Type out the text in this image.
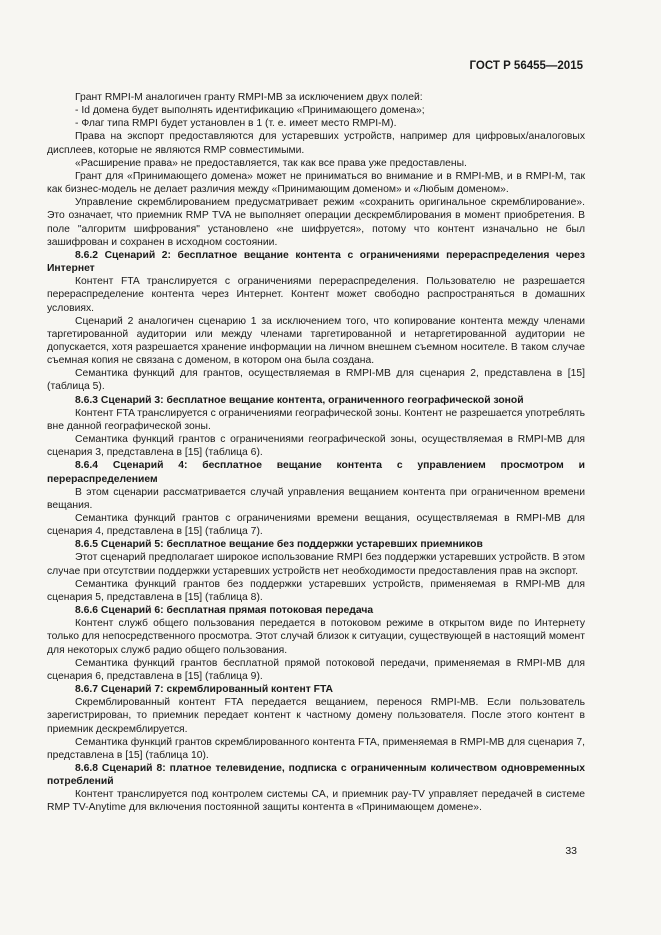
ГОСТ Р 56455—2015

Грант RMPI-M аналогичен гранту RMPI-MB за исключением двух полей:

- Id домена будет выполнять идентификацию «Принимающего домена»;

- Флаг типа RMPI будет установлен в 1 (т. е. имеет место RMPI-M).

Права на экспорт предоставляются для устаревших устройств, например для цифровых/аналоговых дисплеев, которые не являются RMP совместимыми.

«Расширение права» не предоставляется, так как все права уже предоставлены.

Грант для «Принимающего домена» может не приниматься во внимание и в RMPI-MB, и в RMPI-M, так как бизнес-модель не делает различия между «Принимающим доменом» и «Любым доменом».

Управление скремблированием предусматривает режим «сохранить оригинальное скремблирование». Это означает, что приемник RMP TVA не выполняет операции дескремблирования в момент приобретения. В поле "алгоритм шифрования" установлено «не шифруется», потому что контент изначально не был зашифрован и сохранен в исходном состоянии.

8.6.2 Сценарий 2: бесплатное вещание контента с ограничениями перераспределения через Интернет

Контент FTA транслируется с ограничениями перераспределения. Пользователю не разрешается перераспределение контента через Интернет. Контент может свободно распространяться в домашних условиях.

Сценарий 2 аналогичен сценарию 1 за исключением того, что копирование контента между членами таргетированной аудитории или между членами таргетированной и нетаргетированной аудитории не допускается, хотя разрешается хранение информации на личном внешнем съемном носителе. В таком случае съемная копия не связана с доменом, в котором она была создана.

Семантика функций для грантов, осуществляемая в RMPI-MB для сценария 2, представлена в [15] (таблица 5).

8.6.3 Сценарий 3: бесплатное вещание контента, ограниченного географической зоной

Контент FTA транслируется с ограничениями географической зоны. Контент не разрешается употреблять вне данной географической зоны.

Семантика функций грантов с ограничениями географической зоны, осуществляемая в RMPI-MB для сценария 3, представлена в [15] (таблица 6).

8.6.4 Сценарий 4: бесплатное вещание контента с управлением просмотром и перераспределением

В этом сценарии рассматривается случай управления вещанием контента при ограниченном времени вещания.

Семантика функций грантов с ограничениями времени вещания, осуществляемая в RMPI-MB для сценария 4, представлена в [15] (таблица 7).

8.6.5 Сценарий 5: бесплатное вещание без поддержки устаревших приемников

Этот сценарий предполагает широкое использование RMPI без поддержки устаревших устройств. В этом случае при отсутствии поддержки устаревших устройств нет необходимости предоставления прав на экспорт.

Семантика функций грантов без поддержки устаревших устройств, применяемая в RMPI-MB для сценария 5, представлена в [15] (таблица 8).

8.6.6 Сценарий 6: бесплатная прямая потоковая передача

Контент служб общего пользования передается в потоковом режиме в открытом виде по Интернету только для непосредственного просмотра. Этот случай близок к ситуации, существующей в настоящий момент для некоторых служб радио общего пользования.

Семантика функций грантов бесплатной прямой потоковой передачи, применяемая в RMPI-MB для сценария 6, представлена в [15] (таблица 9).

8.6.7 Сценарий 7: скремблированный контент FTA

Скремблированный контент FTA передается вещанием, перенося RMPI-MB. Если пользователь зарегистрирован, то приемник передает контент к частному домену пользователя. После этого контент в приемник дескремблируется.

Семантика функций грантов скремблированного контента FTA, применяемая в RMPI-MB для сценария 7, представлена в [15] (таблица 10).

8.6.8 Сценарий 8: платное телевидение, подписка с ограниченным количеством одновременных потреблений

Контент транслируется под контролем системы CA, и приемник pay-TV управляет передачей в системе RMP TV-Anytime для включения постоянной защиты контента в «Принимающем домене».

33
